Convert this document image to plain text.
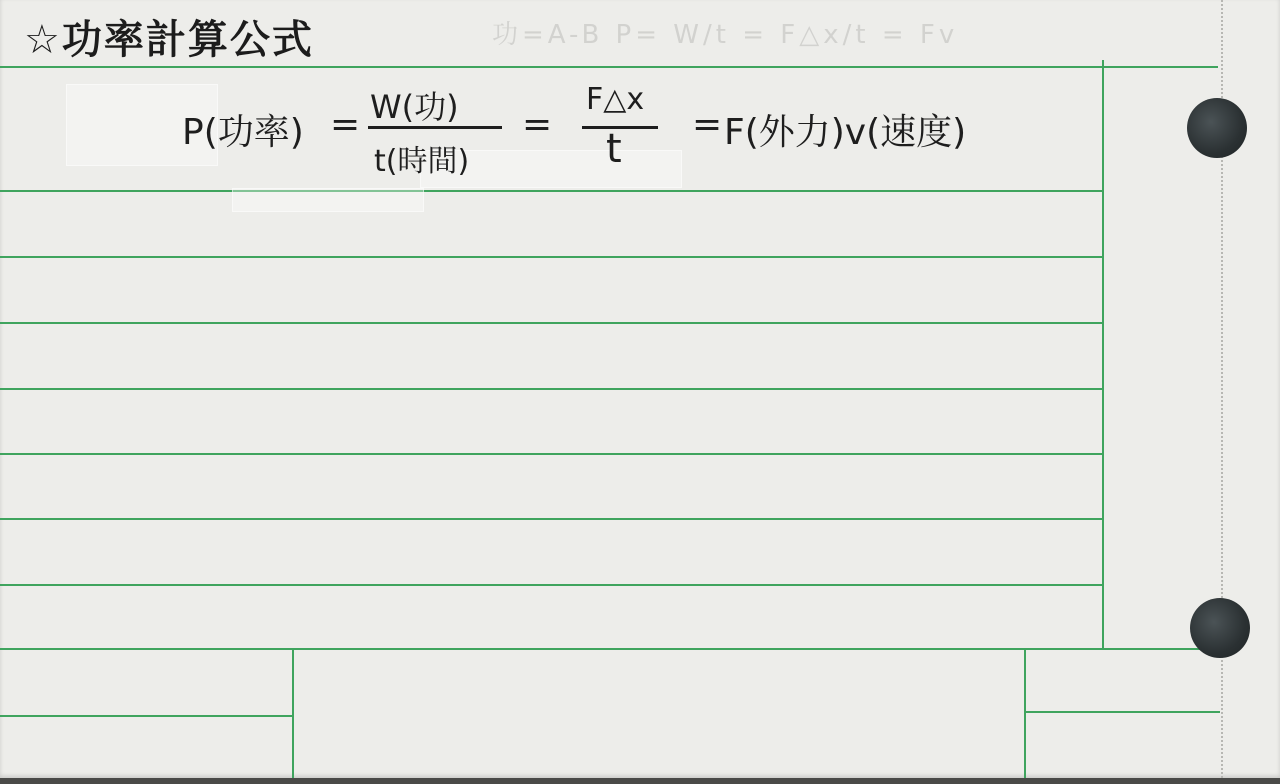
☆功率計算公式	功=A-B P= W/t = F△x/t = Fv
P(功率) = W(功)
t(時間)
=
F△x
t
= F(外力)v(速度)
